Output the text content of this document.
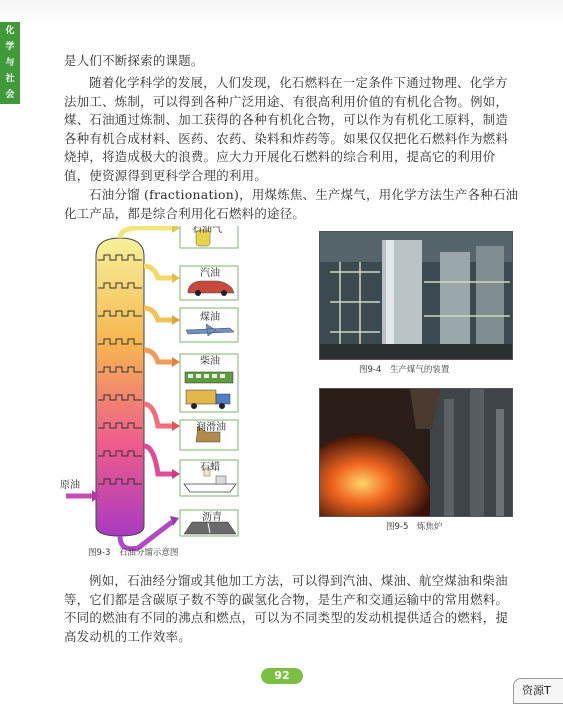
化
学
与
社
会
发
展

是人们不断探索的课题。

随着化学科学的发展，人们发现，化石燃料在一定条件下通过物理、化学方法加工、炼制，可以得到各种广泛用途、有很高利用价值的有机化合物。例如，煤、石油通过炼制、加工获得的各种有机化合物，可以作为有机化工原料，制造各种有机合成材料、医药、农药、染料和炸药等。如果仅仅把化石燃料作为燃料烧掉，将造成极大的浪费。应大力开展化石燃料的综合利用，提高它的利用价值，使资源得到更科学合理的利用。

石油分馏 (fractionation)，用煤炼焦、生产煤气，用化学方法生产各种石油化工产品，都是综合利用化石燃料的途径。

原油
石油气
汽油
煤油
柴油
润滑油
石蜡
沥青
图9-3　石油分馏示意图
图9-4　生产煤气的装置
图9-5　炼焦炉

例如，石油经分馏或其他加工方法，可以得到汽油、煤油、航空煤油和柴油等，它们都是含碳原子数不等的碳氢化合物，是生产和交通运输中的常用燃料。不同的燃油有不同的沸点和燃点，可以为不同类型的发动机提供适合的燃料，提高发动机的工作效率。

92
资源T
